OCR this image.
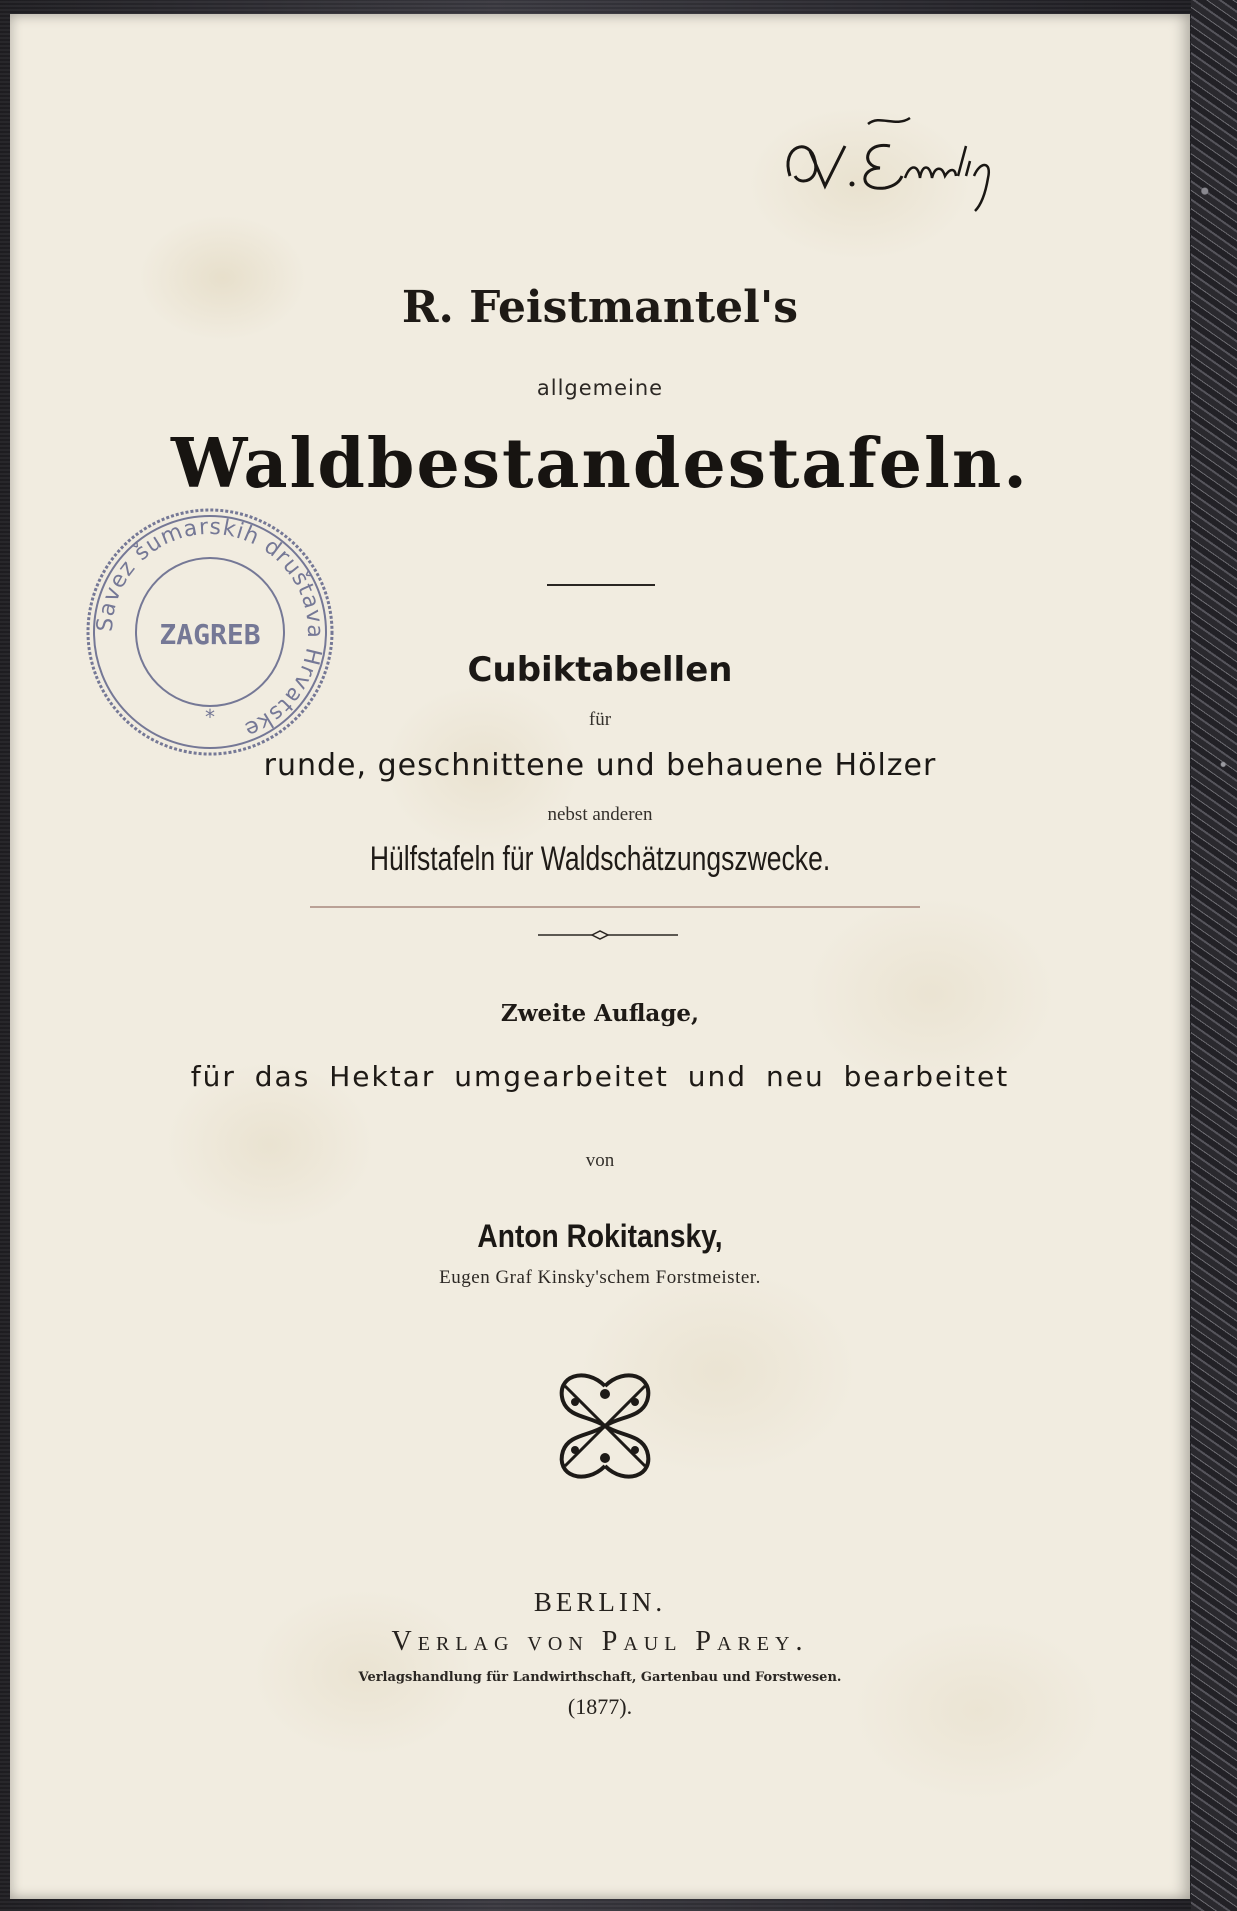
R. Feistmantel's

allgemeine

Waldbestandestafeln.

Cubiktabellen

für

runde, geschnittene und behauene Hölzer

nebst anderen

Hülfstafeln für Waldschätzungszwecke.

Zweite Auflage,

für das Hektar umgearbeitet und neu bearbeitet

von

Anton Rokitansky,

Eugen Graf Kinsky'schem Forstmeister.

BERLIN.

Verlag von Paul Parey.

Verlagshandlung für Landwirthschaft, Gartenbau und Forstwesen.

(1877).

Savez šumarskih društava Hrvatske
ZAGREB
*
